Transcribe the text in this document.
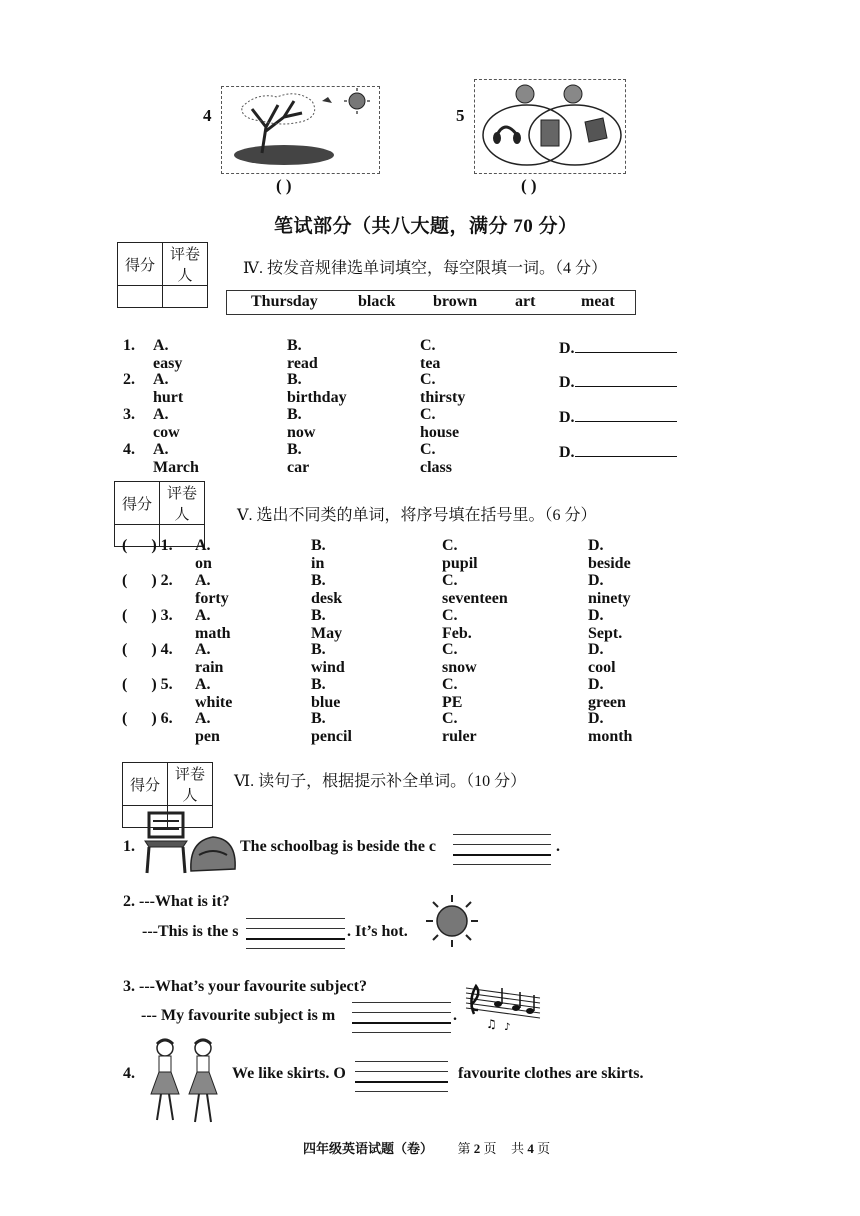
4
( )
5
( )
笔试部分（共八大题，满分 70 分）
得分	评卷人
		Ⅳ. 按发音规律选单词填空，每空限填一词。（4 分）
Thursday	black brown art	meat
1. A. easy
B. read
C. tea
D.
2. A. hurt
B. birthday
C. thirsty
D.
3. A. cow
B. now
C. house
D.
4. A. March
B. car
C. class
D.
得分	评卷人
		Ⅴ. 选出不同类的单词，将序号填在括号里。（6 分）
(      ) 1. A. on
B. in
C. pupil
D. beside
(      ) 2. A. forty
B. desk
C. seventeen
D. ninety
(      ) 3. A. math
B. May
C. Feb.
D. Sept.
(      ) 4. A. rain
B. wind
C. snow
D. cool
(      ) 5. A. white
B. blue
C. PE
D. green
(      ) 6. A. pen
B. pencil
C. ruler
D. month
得分	评卷人

Ⅵ. 读句子，根据提示补全单词。（10 分）
1.	The schoolbag is beside the c	.
2. ---What is it?
---This is the s	. It’s hot.
3. ---What’s your favourite subject?
--- My favourite subject is m	. ♫ ♪
4.	We like skirts. O	favourite clothes are skirts.
四年级英语试题（卷） 第 2 页 共 4 页
